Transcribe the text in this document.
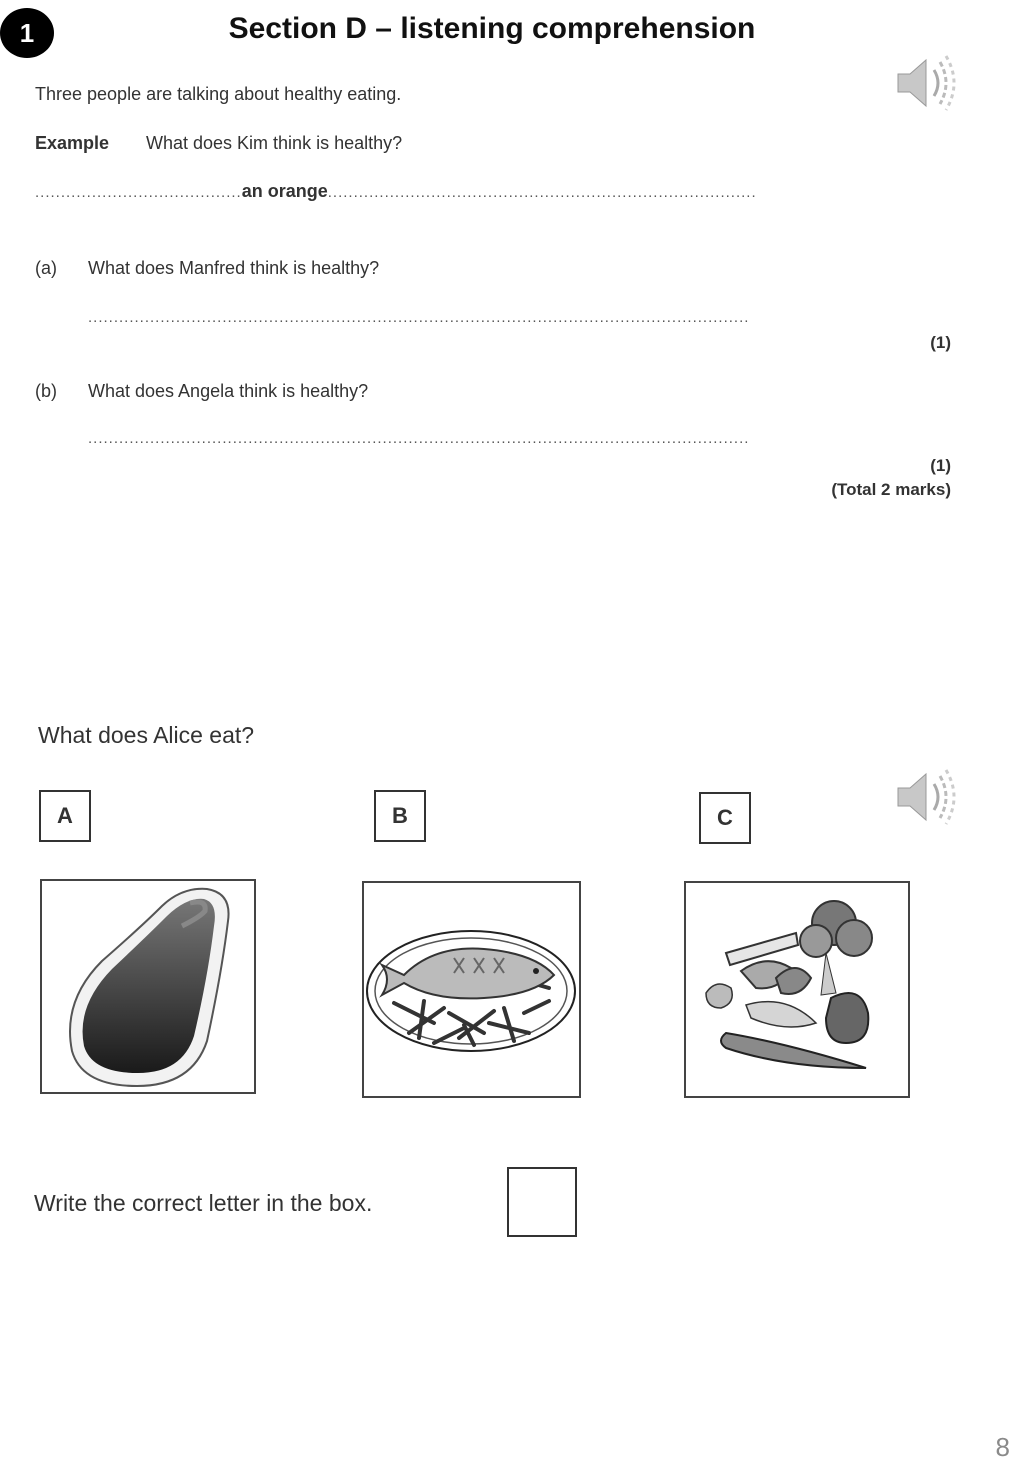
1	Section D – listening comprehension
Three people are talking about healthy eating.
Example What does Kim think is healthy?
........................................an orange...................................................................................
(a) What does Manfred think is healthy?
................................................................................................................................
(1)
(b) What does Angela think is healthy?
................................................................................................................................
(1)
(Total 2 marks)
What does Alice eat?
A	B	C
Write the correct letter in the box.
8
